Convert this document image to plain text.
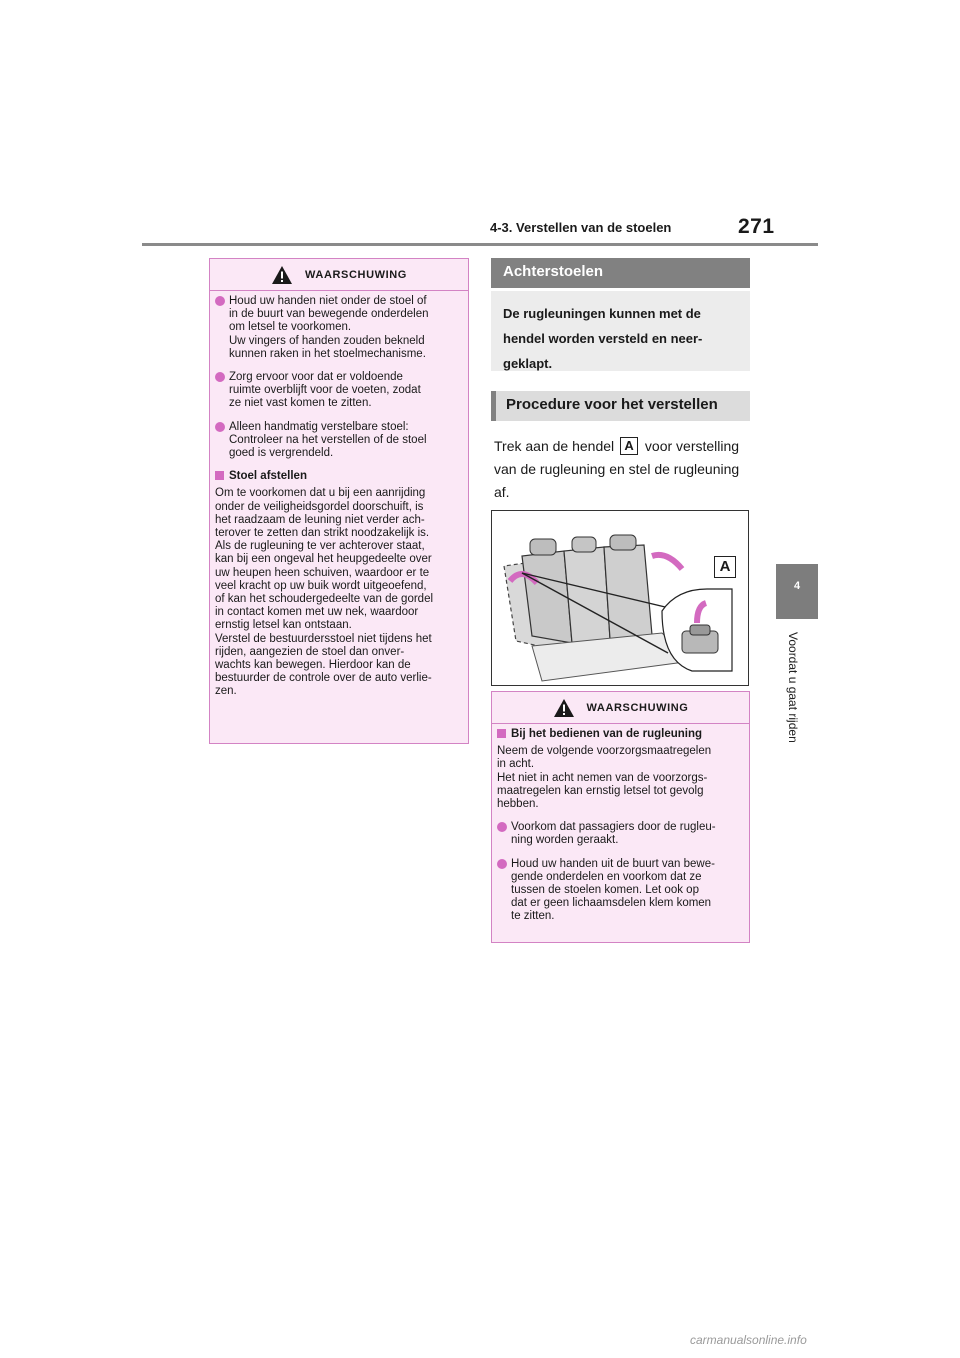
4-3. Verstellen van de stoelen	271
4
Voordat u gaat rijden
WAARSCHUWING
Houd uw handen niet onder de stoel of
in de buurt van bewegende onderdelen
om letsel te voorkomen.
Uw vingers of handen zouden bekneld
kunnen raken in het stoelmechanisme.
Zorg ervoor voor dat er voldoende
ruimte overblijft voor de voeten, zodat
ze niet vast komen te zitten.
Alleen handmatig verstelbare stoel:
Controleer na het verstellen of de stoel
goed is vergrendeld.
Stoel afstellen
Om te voorkomen dat u bij een aanrijding
onder de veiligheidsgordel doorschuift, is
het raadzaam de leuning niet verder ach-
terover te zetten dan strikt noodzakelijk is.
Als de rugleuning te ver achterover staat,
kan bij een ongeval het heupgedeelte over
uw heupen heen schuiven, waardoor er te
veel kracht op uw buik wordt uitgeoefend,
of kan het schoudergedeelte van de gordel
in contact komen met uw nek, waardoor
ernstig letsel kan ontstaan.
Verstel de bestuurdersstoel niet tijdens het
rijden, aangezien de stoel dan onver-
wachts kan bewegen. Hierdoor kan de
bestuurder de controle over de auto verlie-
zen.
Achterstoelen
De rugleuningen kunnen met de
hendel worden versteld en neer-
geklapt.
Procedure voor het verstellen
Trek aan de hendel A voor verstelling
van de rugleuning en stel de rugleuning
af.
A
WAARSCHUWING
Bij het bedienen van de rugleuning
Neem de volgende voorzorgsmaatregelen
in acht.
Het niet in acht nemen van de voorzorgs-
maatregelen kan ernstig letsel tot gevolg
hebben.
Voorkom dat passagiers door de rugleu-
ning worden geraakt.
Houd uw handen uit de buurt van bewe-
gende onderdelen en voorkom dat ze
tussen de stoelen komen. Let ook op
dat er geen lichaamsdelen klem komen
te zitten.
carmanualsonline.info
